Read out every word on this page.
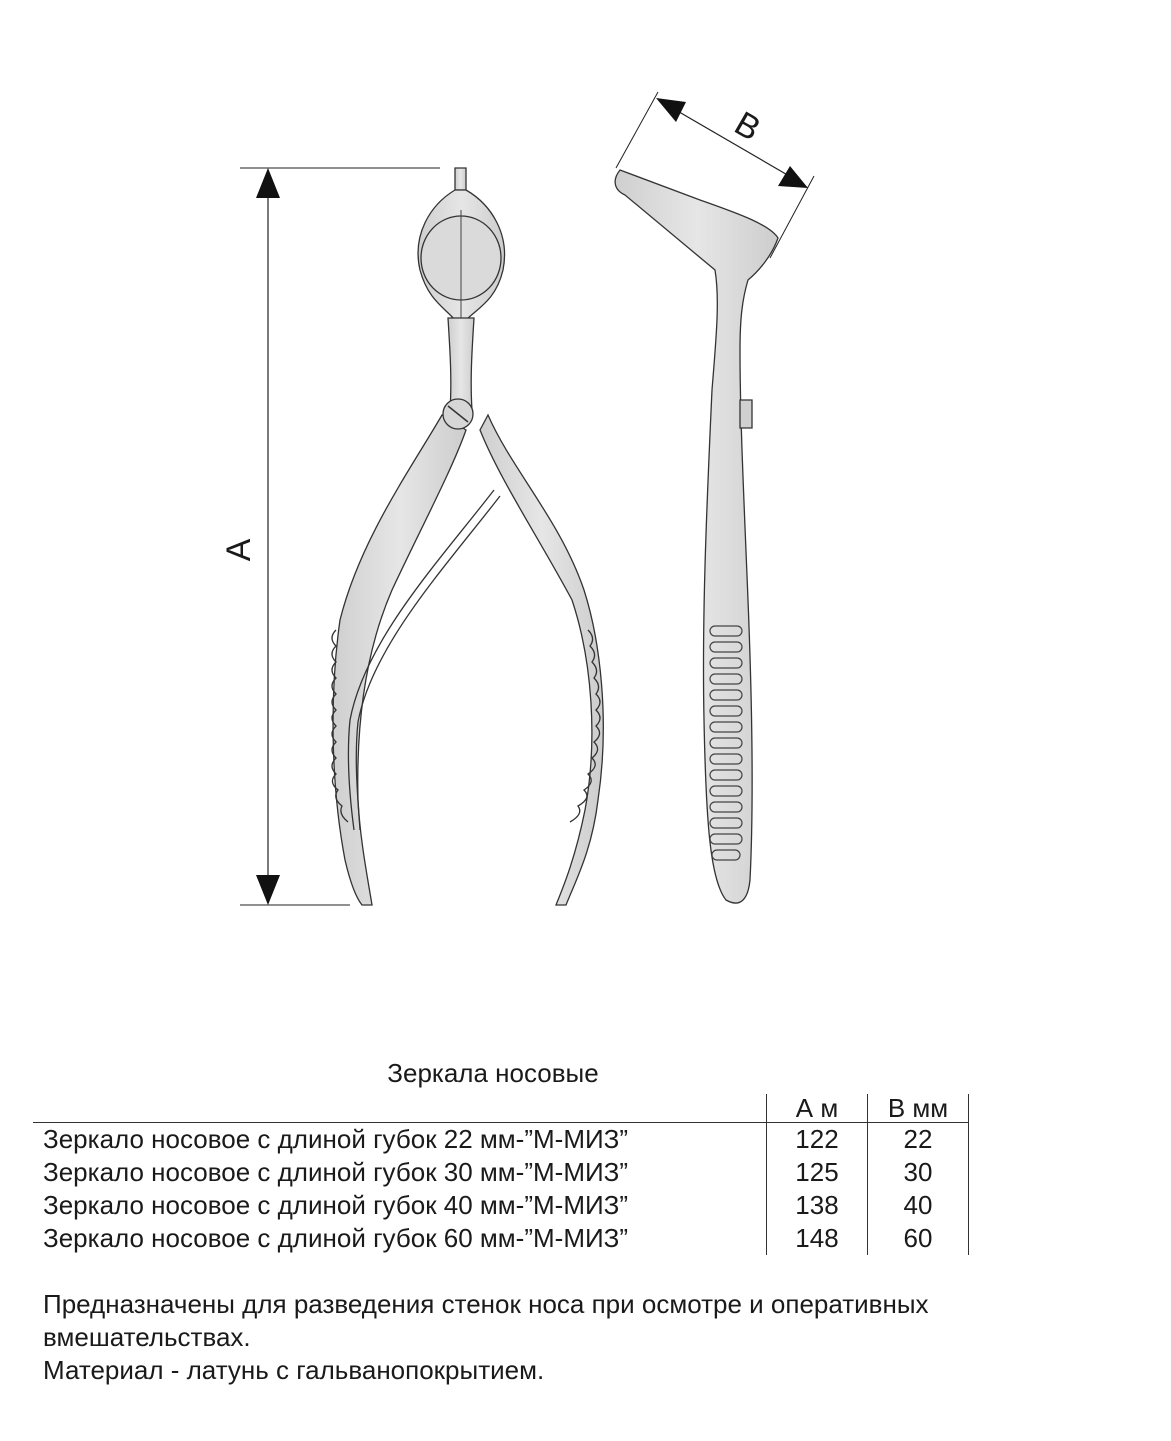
А
В
Зеркала носовые
	А м	В мм
Зеркало носовое с длиной губок 22 мм-”М-МИЗ”	122	22
Зеркало носовое с длиной губок 30 мм-”М-МИЗ”	125	30
Зеркало носовое с длиной губок 40 мм-”М-МИЗ”	138	40
Зеркало носовое с длиной губок 60 мм-”М-МИЗ”	148	60

Предназначены для разведения стенок носа при осмотре и оперативных вмешательствах.

Материал - латунь с гальванопокрытием.
